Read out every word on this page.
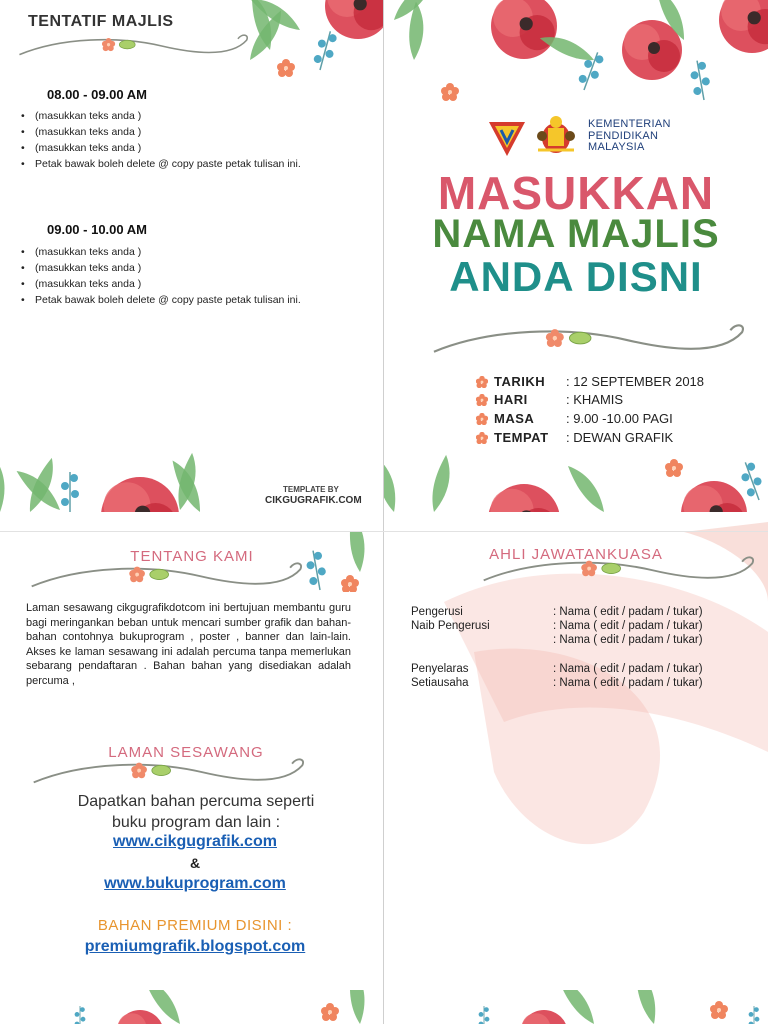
TENTATIF MAJLIS
08.00 - 09.00 AM
• (masukkan teks anda )
• (masukkan teks anda )
• (masukkan teks anda )
• Petak bawak boleh delete @ copy paste petak tulisan ini.
09.00 - 10.00 AM
• (masukkan teks anda )
• (masukkan teks anda )
• (masukkan teks anda )
• Petak bawak boleh delete @ copy paste petak tulisan ini.
TEMPLATE BY
CIKGUGRAFIK.COM
KEMENTERIAN
PENDIDIKAN
MALAYSIA
MASUKKAN
NAMA MAJLIS
ANDA DISNI
TARIKH : 12 SEPTEMBER 2018
HARI	: KHAMIS
MASA : 9.00 -10.00 PAGI
TEMPAT : DEWAN GRAFIK
TENTANG KAMI
Laman sesawang cikgugrafikdotcom ini bertujuan membantu guru bagi meringankan beban untuk mencari sumber grafik dan bahan-bahan contohnya bukuprogram , poster , banner dan lain-lain. Akses ke laman sesawang ini adalah percuma tanpa memerlukan sebarang pendaftaran . Bahan bahan yang disediakan adalah percuma ,
LAMAN SESAWANG
Dapatkan bahan percuma seperti
buku program dan lain :
www.cikgugrafik.com
&
www.bukuprogram.com
BAHAN PREMIUM DISINI :
premiumgrafik.blogspot.com
AHLI JAWATANKUASA
Pengerusi	: Nama ( edit / padam / tukar)
Naib Pengerusi	: Nama ( edit / padam / tukar)
: Nama ( edit / padam / tukar)
Penyelaras	: Nama ( edit / padam / tukar)
Setiausaha	: Nama ( edit / padam / tukar)
